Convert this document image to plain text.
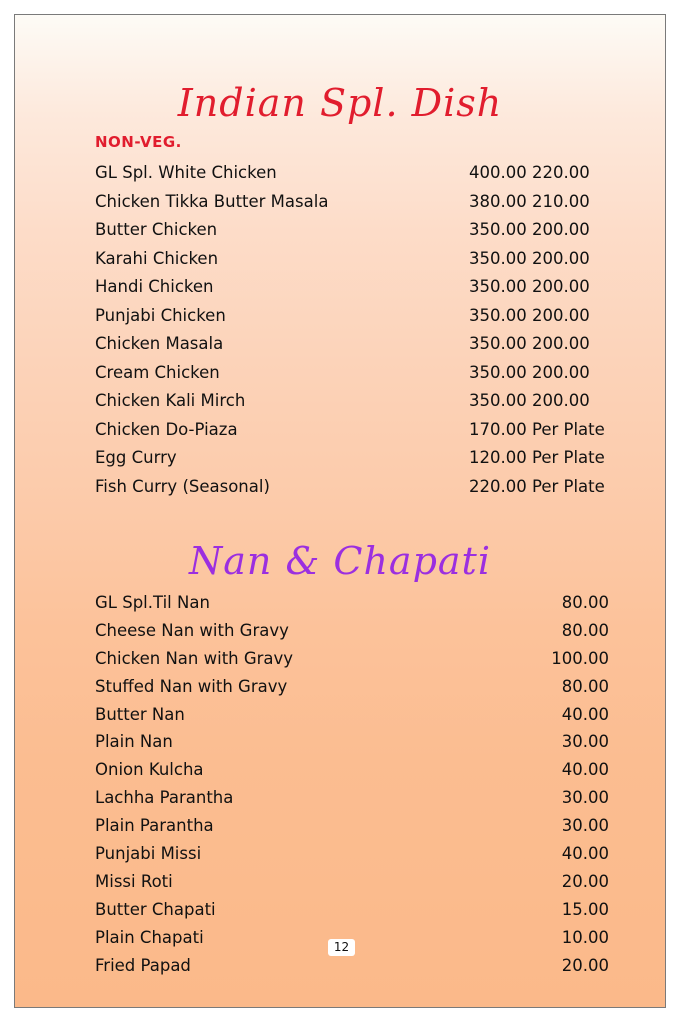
Indian Spl. Dish
NON-VEG.
GL Spl. White Chicken	400.00 220.00
Chicken Tikka Butter Masala	380.00 210.00
Butter Chicken	350.00 200.00
Karahi Chicken	350.00 200.00
Handi Chicken	350.00 200.00
Punjabi Chicken	350.00 200.00
Chicken Masala	350.00 200.00
Cream Chicken	350.00 200.00
Chicken Kali Mirch	350.00 200.00
Chicken Do-Piaza	170.00 Per Plate
Egg Curry	120.00 Per Plate
Fish Curry (Seasonal)	220.00 Per Plate
Nan & Chapati
GL Spl.Til Nan	80.00
Cheese Nan with Gravy	80.00
Chicken Nan with Gravy	100.00
Stuffed Nan with Gravy	80.00
Butter Nan	40.00
Plain Nan	30.00
Onion Kulcha	40.00
Lachha Parantha	30.00
Plain Parantha	30.00
Punjabi Missi	40.00
Missi Roti	20.00
Butter Chapati	15.00
Plain Chapati	10.00
Fried Papad	20.00
12
